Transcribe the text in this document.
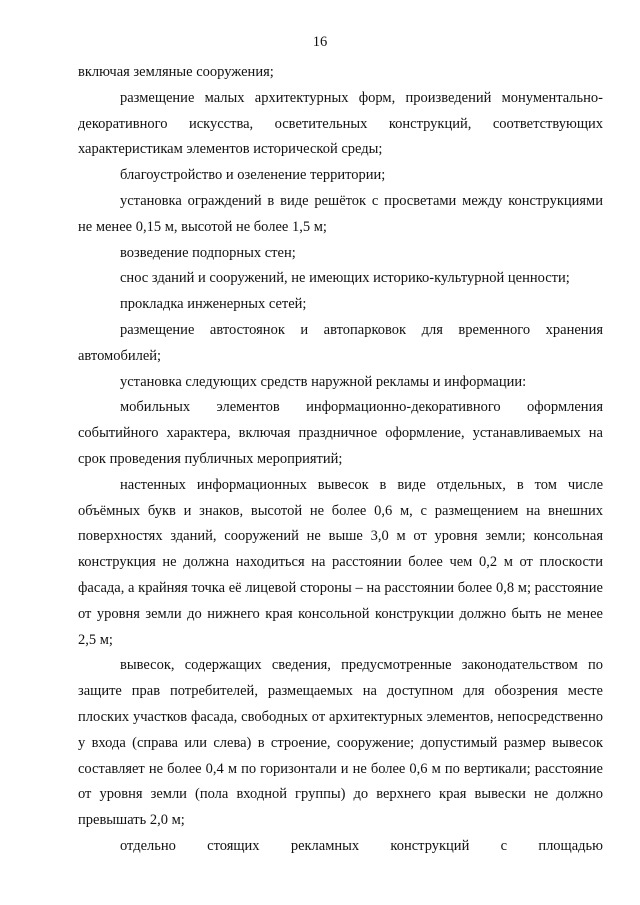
16

включая земляные сооружения;

размещение малых архитектурных форм, произведений монументально-декоративного искусства, осветительных конструкций, соответствующих характеристикам элементов исторической среды;

благоустройство и озеленение территории;

установка ограждений в виде решёток с просветами между конструкциями не менее 0,15 м, высотой не более 1,5 м;

возведение подпорных стен;

снос зданий и сооружений, не имеющих историко-культурной ценности;

прокладка инженерных сетей;

размещение автостоянок и автопарковок для временного хранения автомобилей;

установка следующих средств наружной рекламы и информации:

мобильных элементов информационно-декоративного оформления событийного характера, включая праздничное оформление, устанавливаемых на срок проведения публичных мероприятий;

настенных информационных вывесок в виде отдельных, в том числе объёмных букв и знаков, высотой не более 0,6 м, с размещением на внешних поверхностях зданий, сооружений не выше 3,0 м от уровня земли; консольная конструкция не должна находиться на расстоянии более чем 0,2 м от плоскости фасада, а крайняя точка её лицевой стороны – на расстоянии более 0,8 м; расстояние от уровня земли до нижнего края консольной конструкции должно быть не менее 2,5 м;

вывесок, содержащих сведения, предусмотренные законодательством по защите прав потребителей, размещаемых на доступном для обозрения месте плоских участков фасада, свободных от архитектурных элементов, непосредственно у входа (справа или слева) в строение, сооружение; допустимый размер вывесок составляет не более 0,4 м по горизонтали и не более 0,6 м по вертикали; расстояние от уровня земли (пола входной группы) до верхнего края вывески не должно превышать 2,0 м;

отдельно стоящих рекламных конструкций с площадью
